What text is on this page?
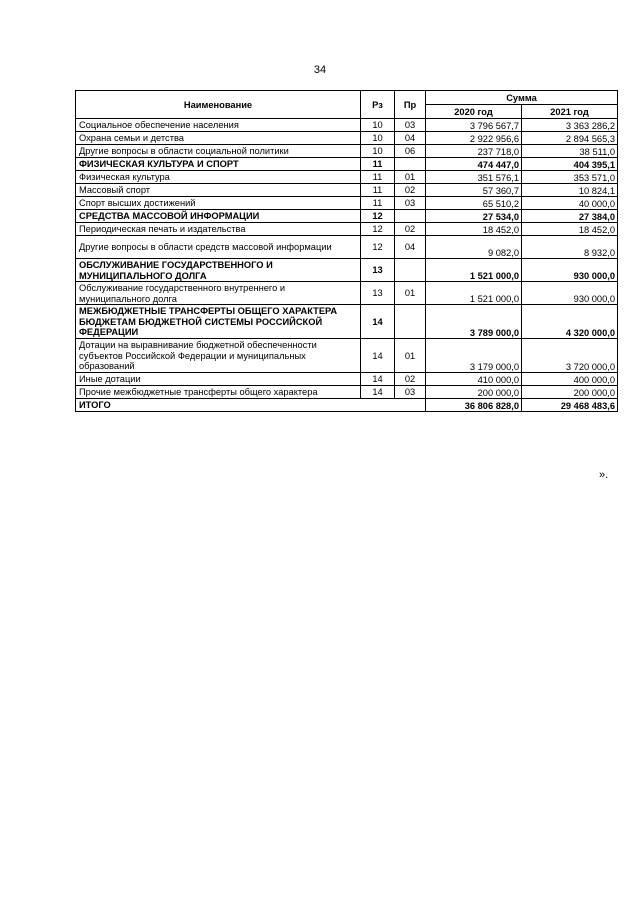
34
Наименование	Рз	Пр	Сумма	
			2020 год	2021 год
Социальное обеспечение населения	10	03	3 796 567,7	3 363 286,2
Охрана семьи и детства	10	04	2 922 956,6	2 894 565,3
Другие вопросы в области социальной политики	10	06	237 718,0	38 511,0
ФИЗИЧЕСКАЯ КУЛЬТУРА И СПОРТ	11		474 447,0	404 395,1
Физическая культура	11	01	351 576,1	353 571,0
Массовый спорт	11	02	57 360,7	10 824,1
Спорт высших достижений	11	03	65 510,2	40 000,0
СРЕДСТВА МАССОВОЙ ИНФОРМАЦИИ	12		27 534,0	27 384,0
Периодическая печать и издательства	12	02	18 452,0	18 452,0
Другие вопросы в области средств массовой информации	12	04	9 082,0	8 932,0
ОБСЛУЖИВАНИЕ ГОСУДАРСТВЕННОГО И МУНИЦИПАЛЬНОГО ДОЛГА	13		1 521 000,0	930 000,0
Обслуживание государственного внутреннего и муниципального долга	13	01	1 521 000,0	930 000,0
МЕЖБЮДЖЕТНЫЕ ТРАНСФЕРТЫ ОБЩЕГО ХАРАКТЕРА БЮДЖЕТАМ БЮДЖЕТНОЙ СИСТЕМЫ РОССИЙСКОЙ ФЕДЕРАЦИИ	14		3 789 000,0	4 320 000,0
Дотации на выравнивание бюджетной обеспеченности субъектов Российской Федерации и муниципальных образований	14	01	3 179 000,0	3 720 000,0
Иные дотации	14	02	410 000,0	400 000,0
Прочие межбюджетные трансферты общего характера	14	03	200 000,0	200 000,0
ИТОГО			36 806 828,0	29 468 483,6
».
